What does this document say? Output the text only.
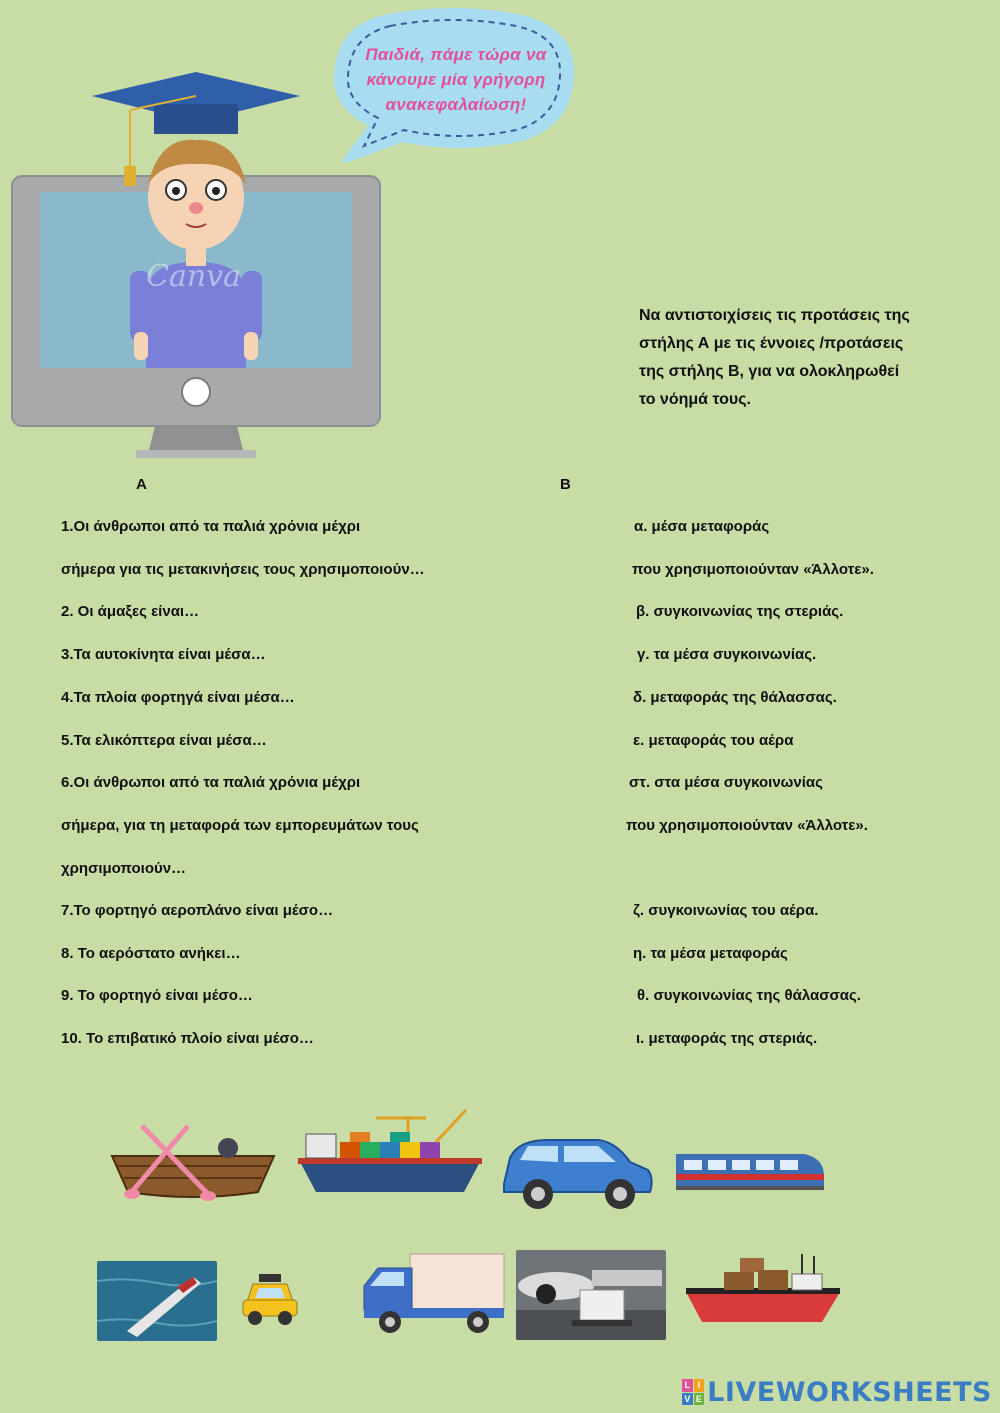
Canva
Παιδιά, πάμε τώρα να
κάνουμε μία γρήγορη
ανακεφαλαίωση!
Να αντιστοιχίσεις τις προτάσεις της
στήλης Α με τις έννοιες /προτάσεις
της στήλης Β, για να ολοκληρωθεί
το νόημά τους.
Α	Β
1.Οι άνθρωποι από τα παλιά χρόνια μέχρι
σήμερα για τις μετακινήσεις τους χρησιμοποιούν…
2. Οι άμαξες είναι…
3.Τα αυτοκίνητα είναι μέσα…
4.Τα πλοία φορτηγά είναι μέσα…
5.Τα ελικόπτερα είναι μέσα…
6.Οι άνθρωποι από τα παλιά χρόνια μέχρι
σήμερα, για τη μεταφορά των εμπορευμάτων τους
χρησιμοποιούν…
7.Το φορτηγό αεροπλάνο είναι μέσο…
8. Το αερόστατο ανήκει…
9. Το φορτηγό είναι μέσο…
10. Το επιβατικό πλοίο είναι μέσο…
α. μέσα μεταφοράς
που χρησιμοποιούνταν «Άλλοτε».
β. συγκοινωνίας της στεριάς.
γ. τα μέσα συγκοινωνίας.
δ. μεταφοράς της θάλασσας.
ε. μεταφοράς του αέρα
στ. στα μέσα συγκοινωνίας
που χρησιμοποιούνταν «Άλλοτε».
ζ. συγκοινωνίας του αέρα.
η. τα μέσα μεταφοράς
θ. συγκοινωνίας της θάλασσας.
ι. μεταφοράς της στεριάς.
L I
V E LIVEWORKSHEETS
